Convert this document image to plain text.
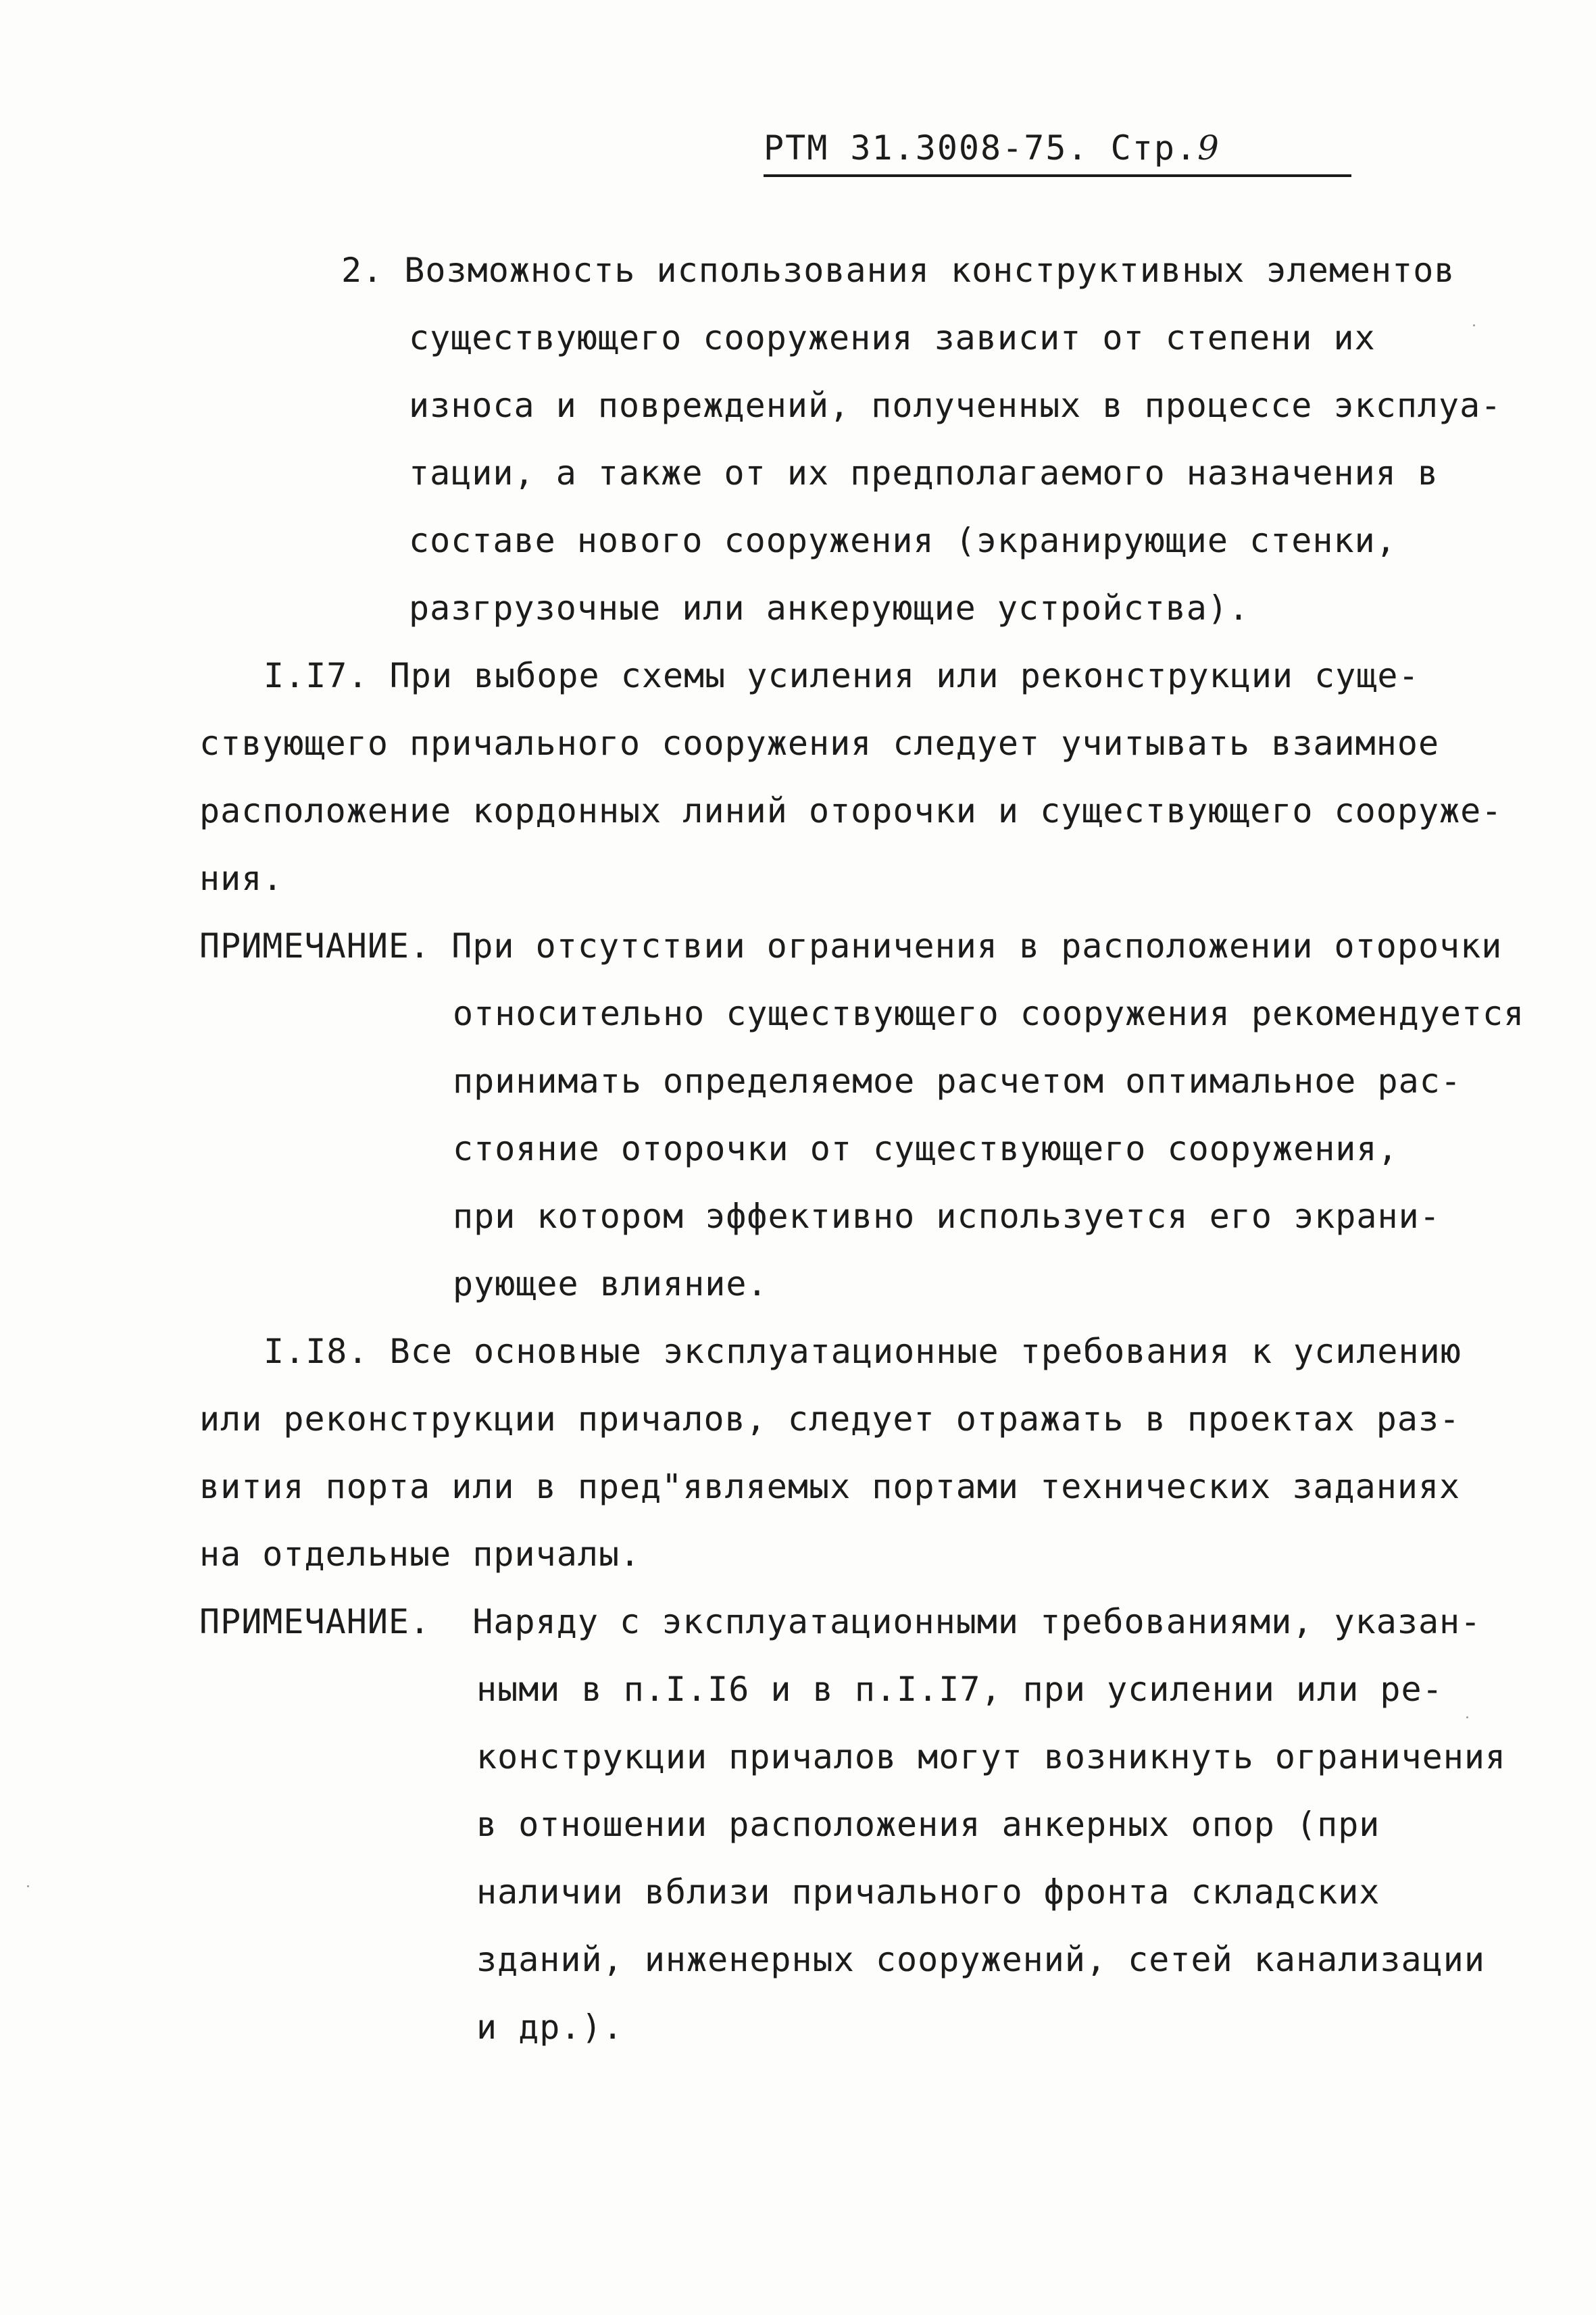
РТМ 31.3008-75. Стр.9
2. Возможность использования конструктивных элементов
существующего сооружения зависит от степени их
износа и повреждений, полученных в процессе эксплуа-
тации, а также от их предполагаемого назначения в
составе нового сооружения (экранирующие стенки,
разгрузочные или анкерующие устройства).
I.I7. При выборе схемы усиления или реконструкции суще-
ствующего причального сооружения следует учитывать взаимное
расположение кордонных линий оторочки и существующего сооруже-
ния.
ПРИМЕЧАНИЕ. При отсутствии ограничения в расположении оторочки
относительно существующего сооружения рекомендуется
принимать определяемое расчетом оптимальное рас-
стояние оторочки от существующего сооружения,
при котором эффективно используется его экрани-
рующее влияние.
I.I8. Все основные эксплуатационные требования к усилению
или реконструкции причалов, следует отражать в проектах раз-
вития порта или в пред"являемых портами технических заданиях
на отдельные причалы.
ПРИМЕЧАНИЕ.  Наряду с эксплуатационными требованиями, указан-
ными в п.I.I6 и в п.I.I7, при усилении или ре-
конструкции причалов могут возникнуть ограничения
в отношении расположения анкерных опор (при
наличии вблизи причального фронта складских
зданий, инженерных сооружений, сетей канализации
и др.).
